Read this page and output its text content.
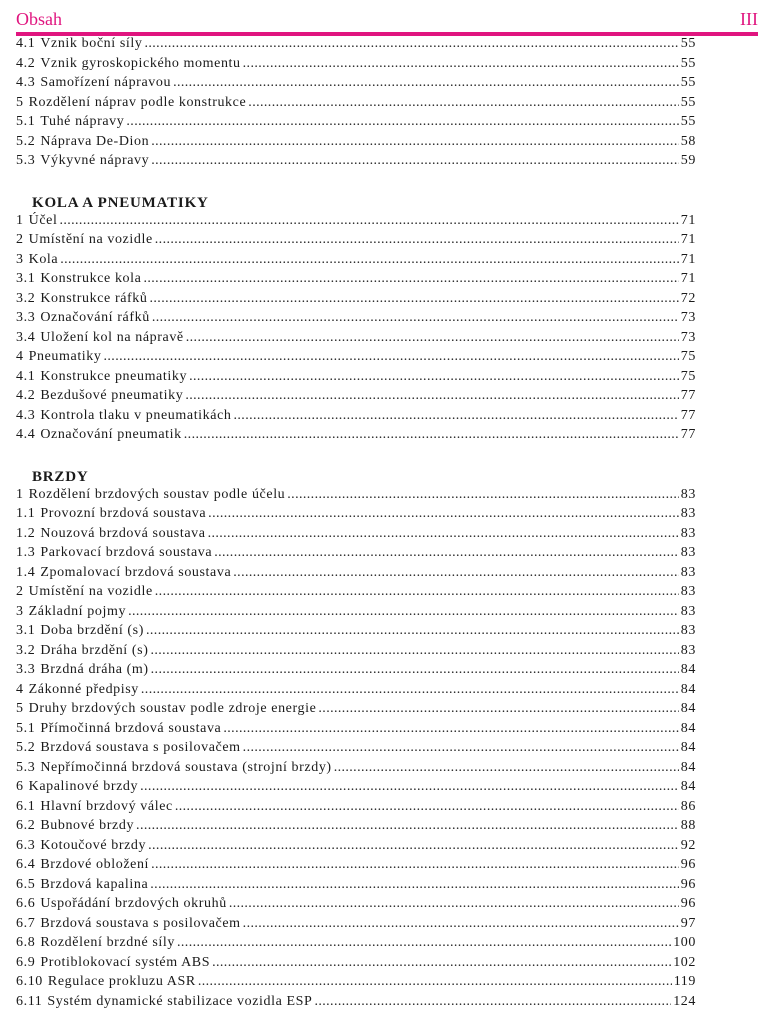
Obsah	III
4.1 Vznik boční síly .....	55
4.2 Vznik gyroskopického momentu .....	55
4.3 Samořízení nápravou .....	55
5 Rozdělení náprav podle konstrukce .....	55
5.1 Tuhé nápravy .....	55
5.2 Náprava De-Dion .....	58
5.3 Výkyvné nápravy .....	59
KOLA A PNEUMATIKY
1 Účel .....	71
2 Umístění na vozidle .....	71
3 Kola .....	71
3.1 Konstrukce kola .....	71
3.2 Konstrukce ráfků .....	72
3.3 Označování ráfků .....	73
3.4 Uložení kol na nápravě .....	73
4 Pneumatiky .....	75
4.1 Konstrukce pneumatiky .....	75
4.2 Bezdušové pneumatiky .....	77
4.3 Kontrola tlaku v pneumatikách .....	77
4.4 Označování pneumatik .....	77
BRZDY
1 Rozdělení brzdových soustav podle účelu .....	83
1.1 Provozní brzdová soustava .....	83
1.2 Nouzová brzdová soustava .....	83
1.3 Parkovací brzdová soustava .....	83
1.4 Zpomalovací brzdová soustava .....	83
2 Umístění na vozidle .....	83
3 Základní pojmy .....	83
3.1 Doba brzdění (s) .....	83
3.2 Dráha brzdění (s) .....	83
3.3 Brzdná dráha (m) .....	84
4 Zákonné předpisy .....	84
5 Druhy brzdových soustav podle zdroje energie .....	84
5.1 Přímočinná brzdová soustava .....	84
5.2 Brzdová soustava s posilovačem .....	84
5.3 Nepřímočinná brzdová soustava (strojní brzdy) .....	84
6 Kapalinové brzdy .....	84
6.1 Hlavní brzdový válec .....	86
6.2 Bubnové brzdy .....	88
6.3 Kotoučové brzdy .....	92
6.4 Brzdové obložení .....	96
6.5 Brzdová kapalina .....	96
6.6 Uspořádání brzdových okruhů .....	96
6.7 Brzdová soustava s posilovačem .....	97
6.8 Rozdělení brzdné síly .....	100
6.9 Protiblokovací systém ABS .....	102
6.10 Regulace prokluzu ASR .....	119
6.11 Systém dynamické stabilizace vozidla ESP .....	124
